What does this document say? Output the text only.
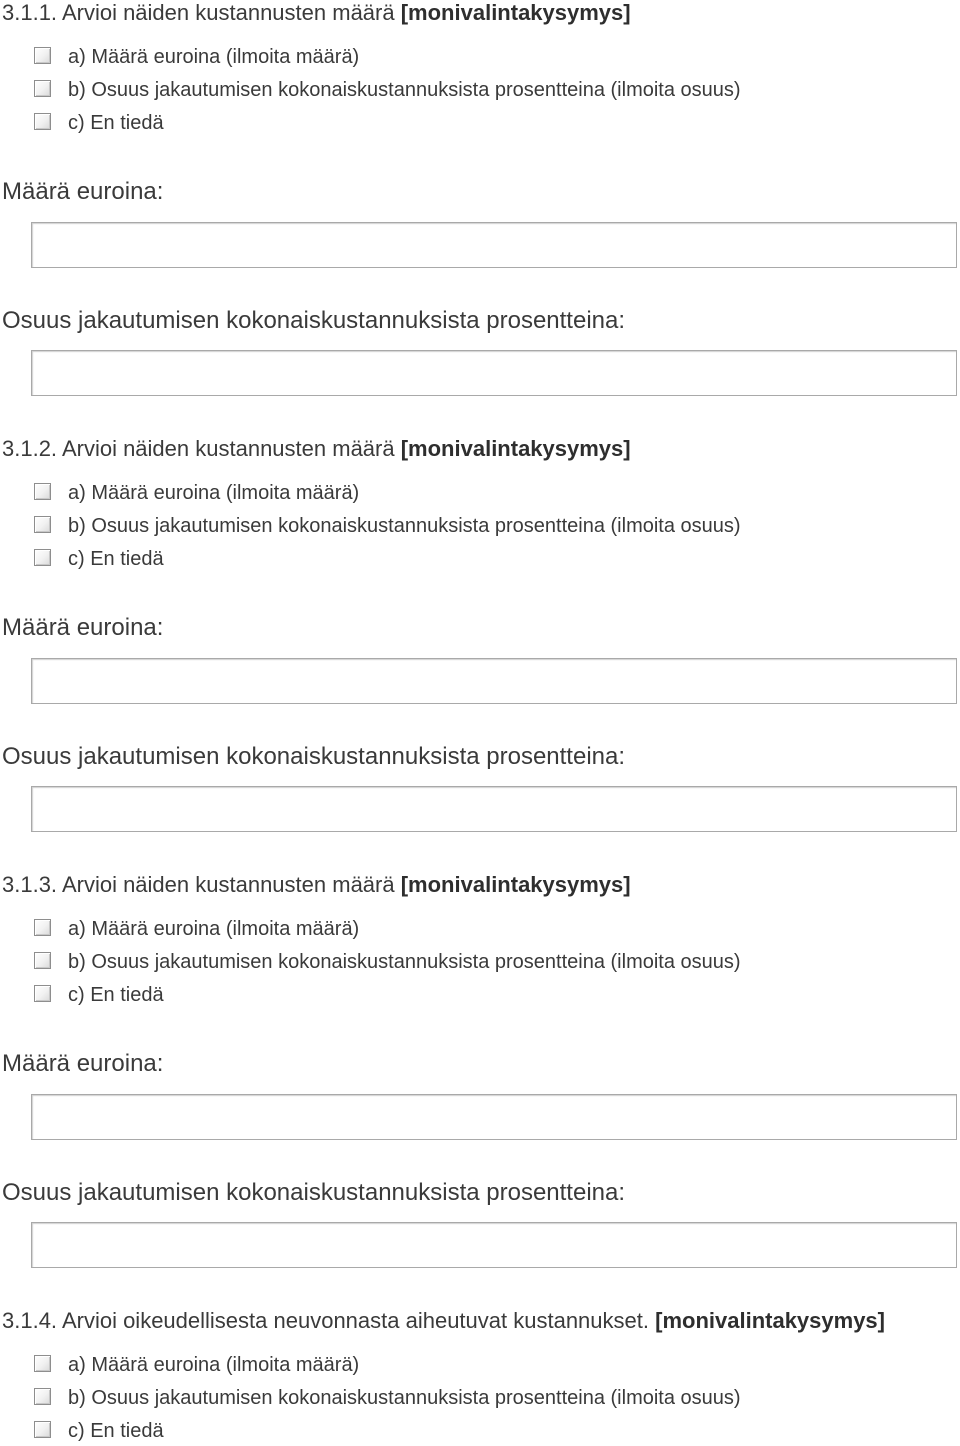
3.1.1. Arvioi näiden kustannusten määrä [monivalintakysymys]
a) Määrä euroina (ilmoita määrä)
b) Osuus jakautumisen kokonaiskustannuksista prosentteina (ilmoita osuus)
c) En tiedä
Määrä euroina:
Osuus jakautumisen kokonaiskustannuksista prosentteina:
3.1.2. Arvioi näiden kustannusten määrä [monivalintakysymys]
a) Määrä euroina (ilmoita määrä)
b) Osuus jakautumisen kokonaiskustannuksista prosentteina (ilmoita osuus)
c) En tiedä
Määrä euroina:
Osuus jakautumisen kokonaiskustannuksista prosentteina:
3.1.3. Arvioi näiden kustannusten määrä [monivalintakysymys]
a) Määrä euroina (ilmoita määrä)
b) Osuus jakautumisen kokonaiskustannuksista prosentteina (ilmoita osuus)
c) En tiedä
Määrä euroina:
Osuus jakautumisen kokonaiskustannuksista prosentteina:
3.1.4. Arvioi oikeudellisesta neuvonnasta aiheutuvat kustannukset. [monivalintakysymys]
a) Määrä euroina (ilmoita määrä)
b) Osuus jakautumisen kokonaiskustannuksista prosentteina (ilmoita osuus)
c) En tiedä
